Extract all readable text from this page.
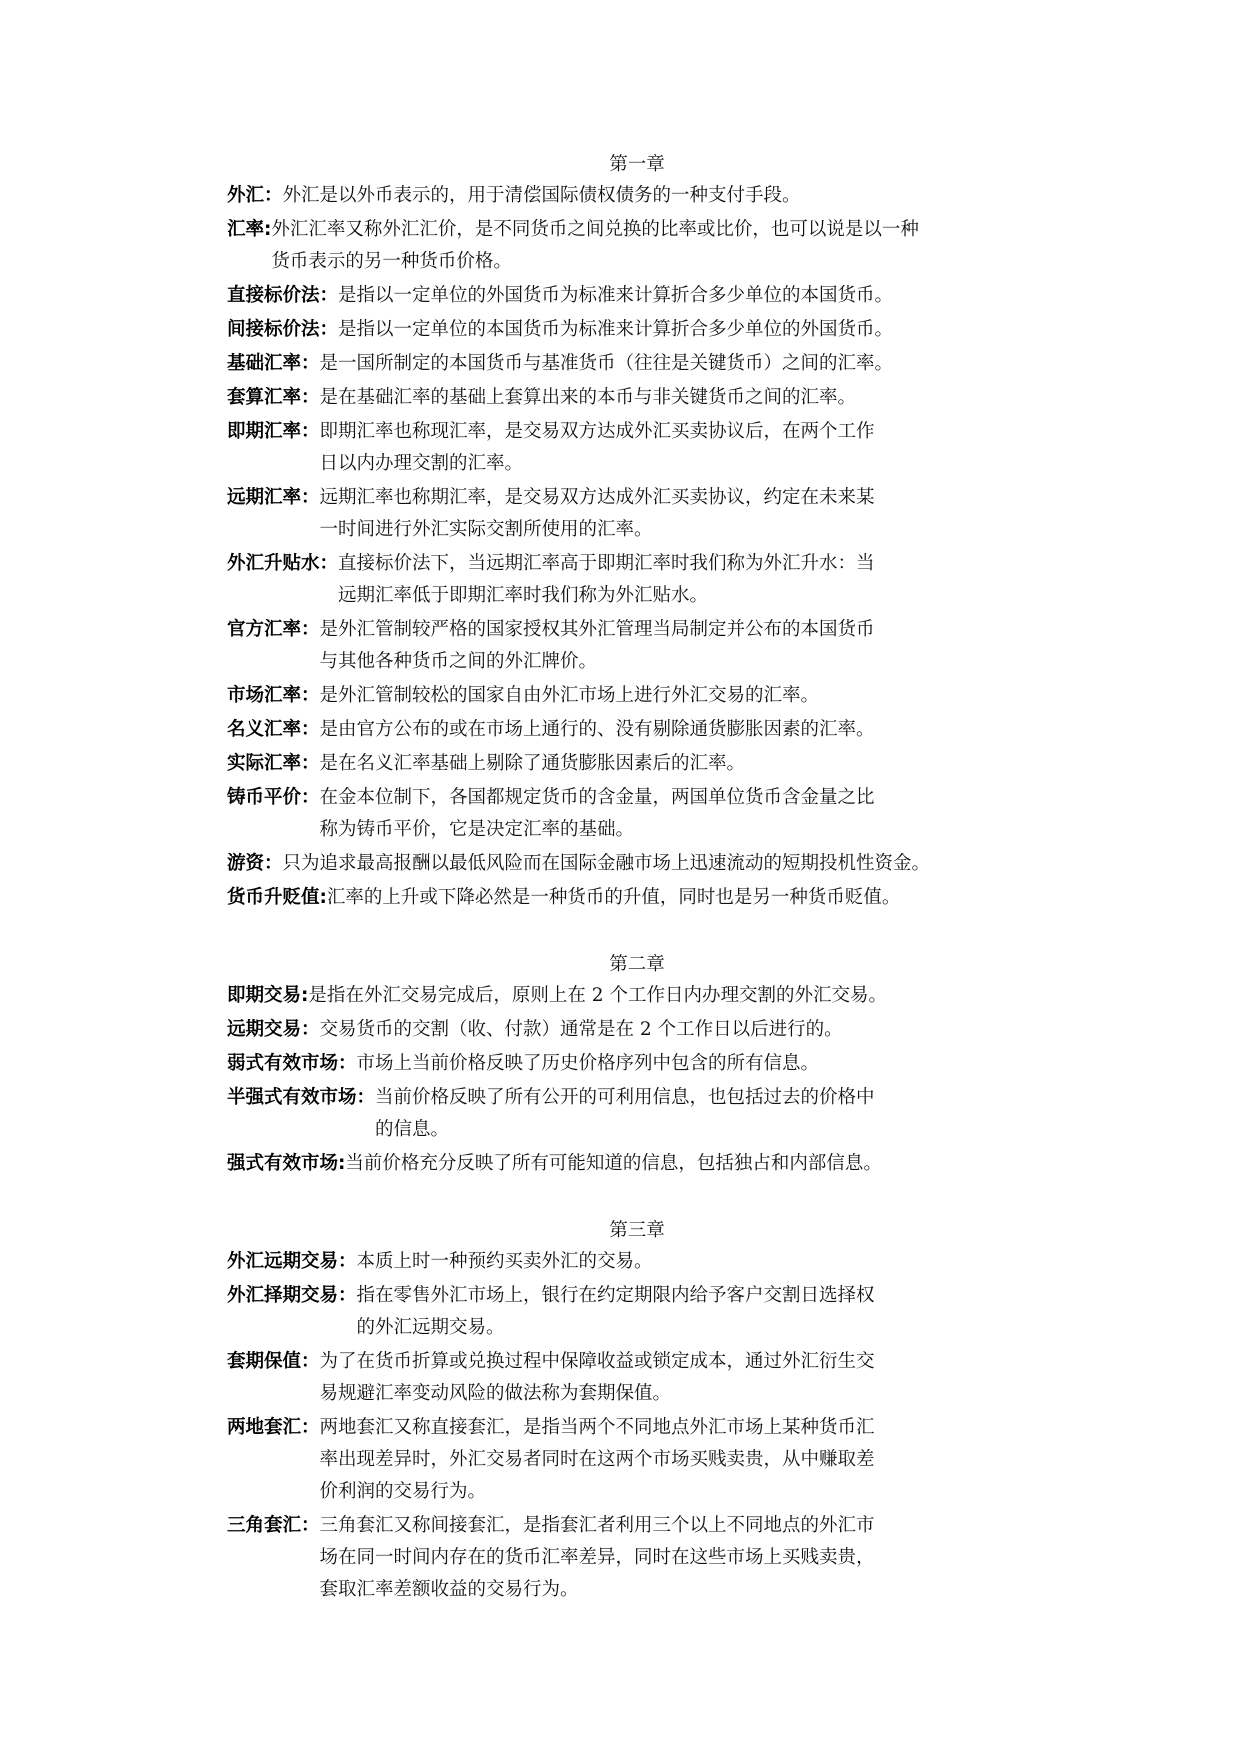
第一章
外汇： 外汇是以外币表示的，用于清偿国际债权债务的一种支付手段。
汇率: 外汇汇率又称外汇汇价，是不同货币之间兑换的比率或比价，也可以说是以一种
货币表示的另一种货币价格。
直接标价法： 是指以一定单位的外国货币为标准来计算折合多少单位的本国货币。
间接标价法： 是指以一定单位的本国货币为标准来计算折合多少单位的外国货币。
基础汇率： 是一国所制定的本国货币与基准货币（往往是关键货币）之间的汇率。
套算汇率： 是在基础汇率的基础上套算出来的本币与非关键货币之间的汇率。
即期汇率： 即期汇率也称现汇率，是交易双方达成外汇买卖协议后，在两个工作
日以内办理交割的汇率。
远期汇率： 远期汇率也称期汇率，是交易双方达成外汇买卖协议，约定在未来某
一时间进行外汇实际交割所使用的汇率。
外汇升贴水： 直接标价法下，当远期汇率高于即期汇率时我们称为外汇升水：当
远期汇率低于即期汇率时我们称为外汇贴水。
官方汇率： 是外汇管制较严格的国家授权其外汇管理当局制定并公布的本国货币
与其他各种货币之间的外汇牌价。
市场汇率： 是外汇管制较松的国家自由外汇市场上进行外汇交易的汇率。
名义汇率： 是由官方公布的或在市场上通行的、没有剔除通货膨胀因素的汇率。
实际汇率： 是在名义汇率基础上剔除了通货膨胀因素后的汇率。
铸币平价： 在金本位制下，各国都规定货币的含金量，两国单位货币含金量之比
称为铸币平价，它是决定汇率的基础。
游资： 只为追求最高报酬以最低风险而在国际金融市场上迅速流动的短期投机性资金。
货币升贬值: 汇率的上升或下降必然是一种货币的升值，同时也是另一种货币贬值。
第二章
即期交易: 是指在外汇交易完成后，原则上在 2 个工作日内办理交割的外汇交易。
远期交易： 交易货币的交割（收、付款）通常是在 2 个工作日以后进行的。
弱式有效市场： 市场上当前价格反映了历史价格序列中包含的所有信息。
半强式有效市场： 当前价格反映了所有公开的可利用信息，也包括过去的价格中
的信息。
强式有效市场: 当前价格充分反映了所有可能知道的信息，包括独占和内部信息。
第三章
外汇远期交易： 本质上时一种预约买卖外汇的交易。
外汇择期交易： 指在零售外汇市场上，银行在约定期限内给予客户交割日选择权
的外汇远期交易。
套期保值： 为了在货币折算或兑换过程中保障收益或锁定成本，通过外汇衍生交
易规避汇率变动风险的做法称为套期保值。
两地套汇： 两地套汇又称直接套汇，是指当两个不同地点外汇市场上某种货币汇
率出现差异时，外汇交易者同时在这两个市场买贱卖贵，从中赚取差
价利润的交易行为。
三角套汇： 三角套汇又称间接套汇，是指套汇者利用三个以上不同地点的外汇市
场在同一时间内存在的货币汇率差异，同时在这些市场上买贱卖贵，
套取汇率差额收益的交易行为。
